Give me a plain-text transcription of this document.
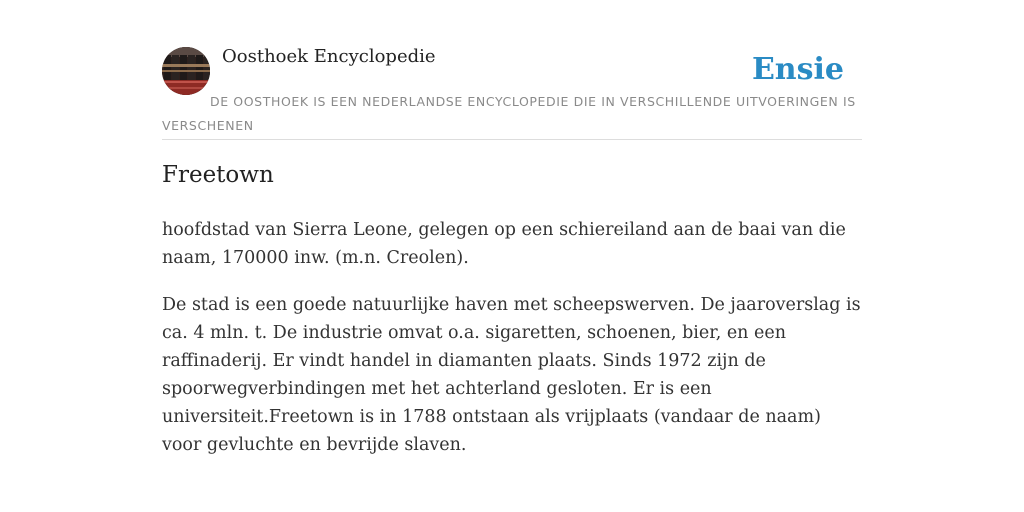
Oosthoek Encyclopedie	Ensie

DE OOSTHOEK IS EEN NEDERLANDSE ENCYCLOPEDIE DIE IN VERSCHILLENDE UITVOERINGEN IS VERSCHENEN

Freetown

hoofdstad van Sierra Leone, gelegen op een schiereiland aan de baai van die naam, 170000 inw. (m.n. Creolen).

De stad is een goede natuurlijke haven met scheepswerven. De jaaroverslag is ca. 4 mln. t. De industrie omvat o.a. sigaretten, schoenen, bier, en een raffinaderij. Er vindt handel in diamanten plaats. Sinds 1972 zijn de spoorwegverbindingen met het achterland gesloten. Er is een universiteit.Freetown is in 1788 ontstaan als vrijplaats (vandaar de naam) voor gevluchte en bevrijde slaven.
